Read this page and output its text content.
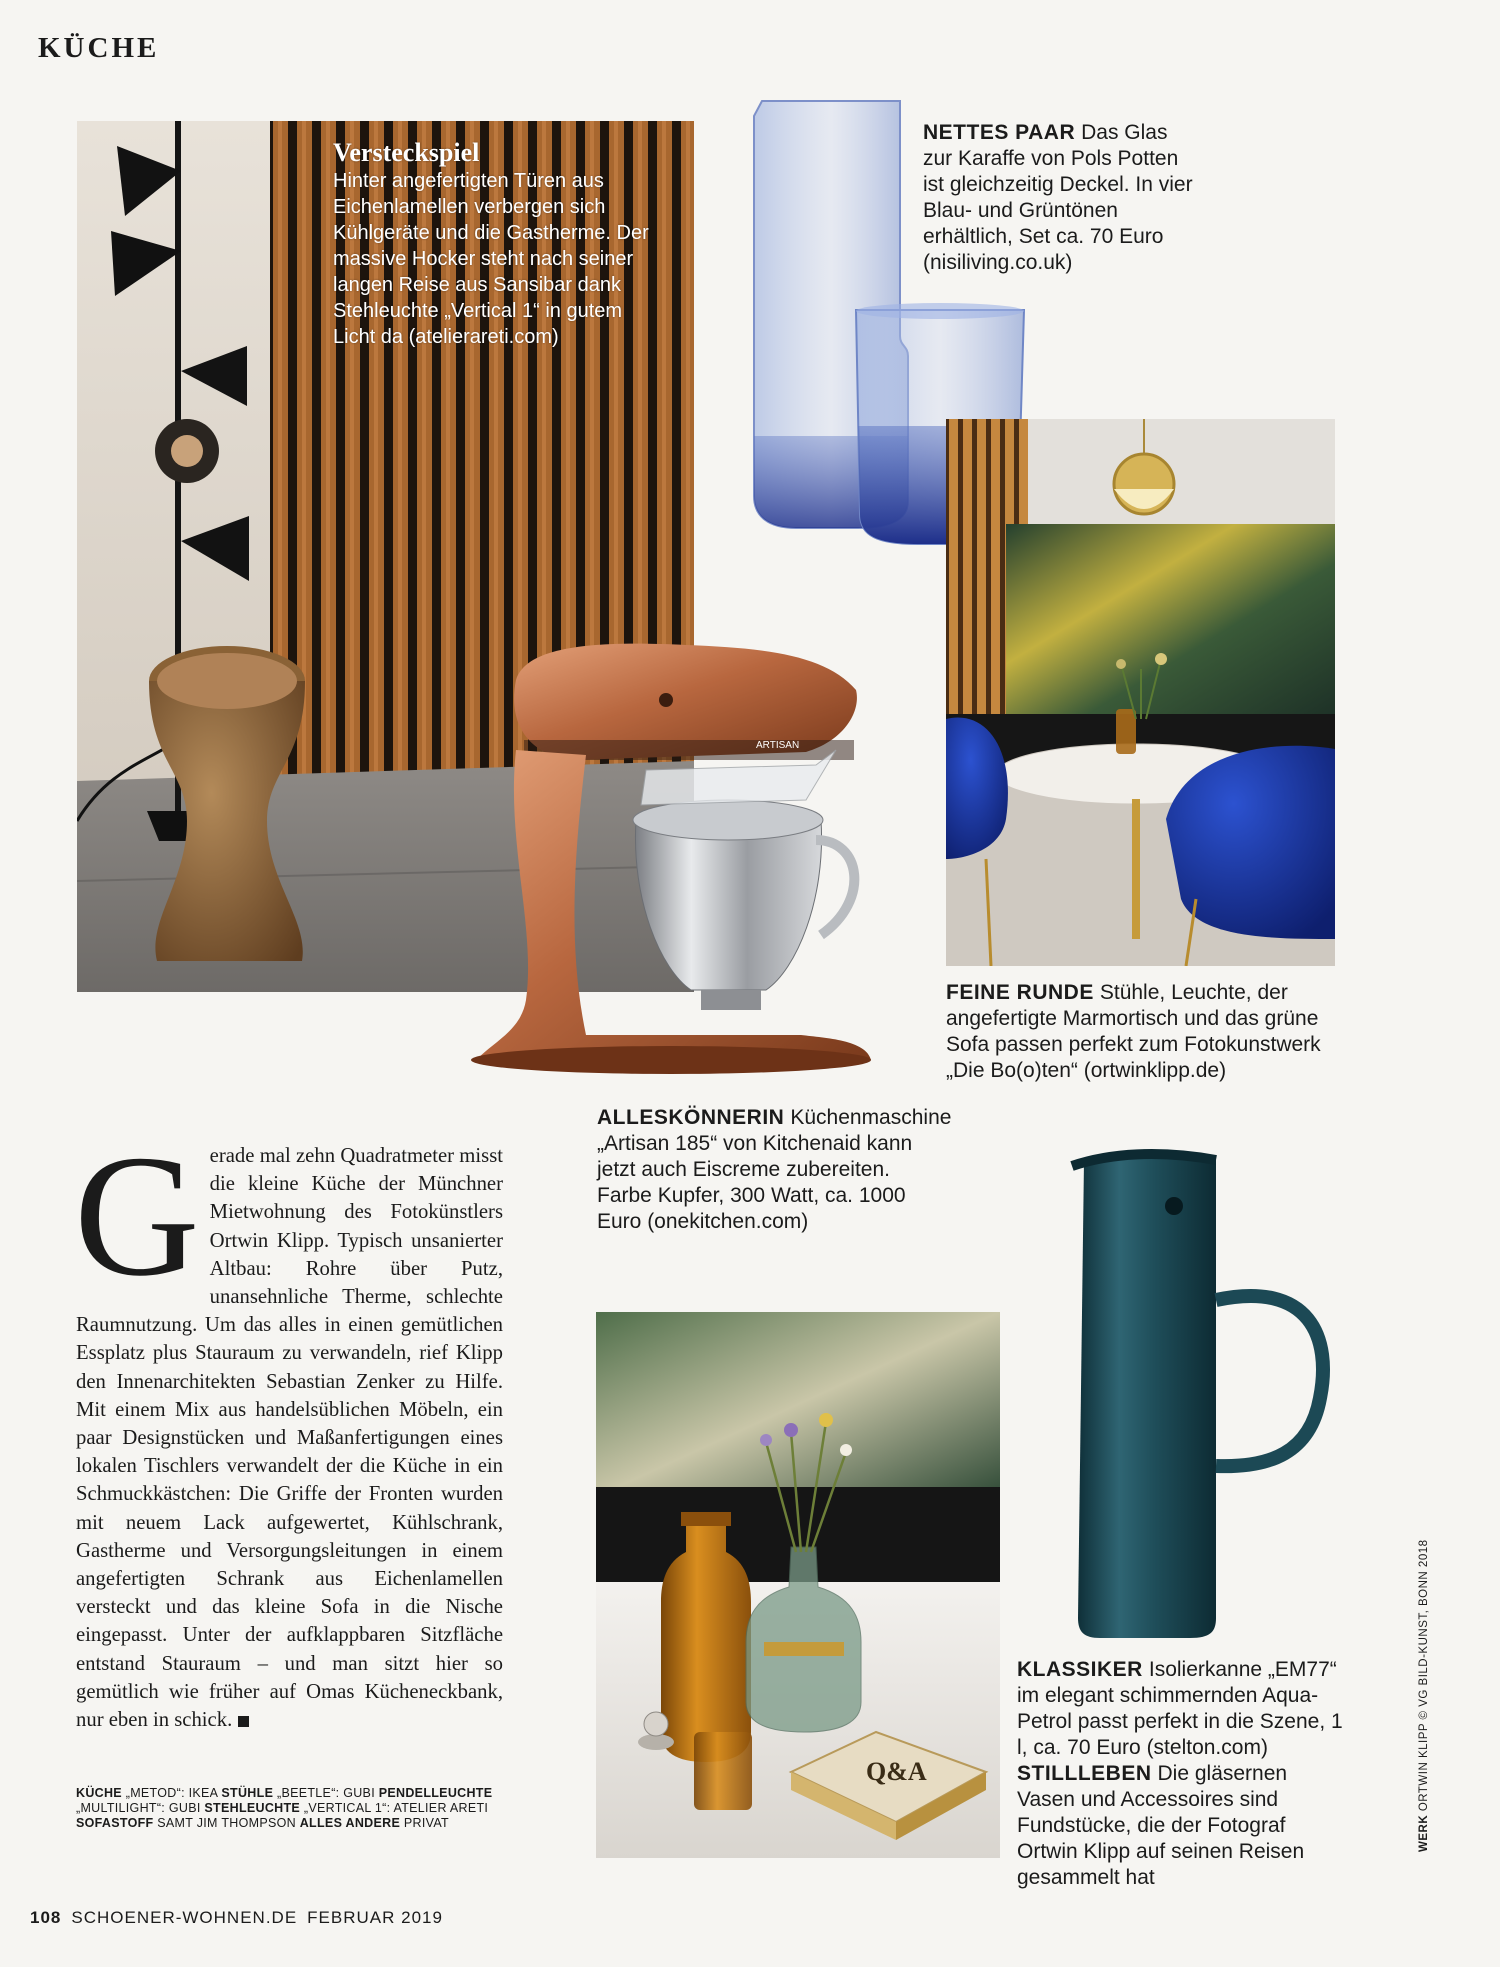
KÜCHE
Versteckspiel
Hinter angefertigten Türen aus Eichenlamellen verbergen sich Kühlgeräte und die Gastherme. Der massive Hocker steht nach seiner langen Reise aus Sansibar dank Stehleuchte „Vertical 1“ in gutem Licht da (atelierareti.com)
NETTES PAAR Das Glas zur Karaffe von Pols Potten ist gleichzeitig Deckel. In vier Blau- und Grüntönen erhältlich, Set ca. 70 Euro (nisiliving.co.uk)
FEINE RUNDE Stühle, Leuchte, der angefertigte Marmortisch und das grüne Sofa passen perfekt zum Fotokunstwerk „Die Bo(o)ten“ (ortwinklipp.de)
ARTISAN
ALLESKÖNNERIN Küchenmaschine „Artisan 185“ von Kitchenaid kann jetzt auch Eiscreme zubereiten. Farbe Kupfer, 300 Watt, ca. 1000 Euro (onekitchen.com)
Gerade mal zehn Quadratmeter misst die kleine Küche der Münchner Mietwohnung des Fotokünstlers Ortwin Klipp. Typisch unsanierter Altbau: Rohre über Putz, unansehnliche Therme, schlechte Raumnutzung. Um das alles in einen gemütlichen Essplatz plus Stauraum zu verwandeln, rief Klipp den Innenarchitekten Sebastian Zenker zu Hilfe. Mit einem Mix aus handelsüblichen Möbeln, ein paar Designstücken und Maßanfertigungen eines lokalen Tischlers verwandelt der die Küche in ein Schmuckkästchen: Die Griffe der Fronten wurden mit neuem Lack aufgewertet, Kühlschrank, Gastherme und Versorgungsleitungen in einem angefertigten Schrank aus Eichenlamellen versteckt und das kleine Sofa in die Nische eingepasst. Unter der aufklappbaren Sitzfläche entstand Stauraum – und man sitzt hier so gemütlich wie früher auf Omas Kücheneckbank, nur eben in schick.
KÜCHE „METOD“: IKEA STÜHLE „BEETLE“: GUBI PENDELLEUCHTE „MULTILIGHT“: GUBI STEHLEUCHTE „VERTICAL 1“: ATELIER ARETI SOFASTOFF SAMT JIM THOMPSON ALLES ANDERE PRIVAT
Q&A
KLASSIKER Isolierkanne „EM77“ im elegant schimmernden Aqua-Petrol passt perfekt in die Szene, 1 l, ca. 70 Euro (stelton.com)
STILLLEBEN Die gläsernen Vasen und Accessoires sind Fundstücke, die der Fotograf Ortwin Klipp auf seinen Reisen gesammelt hat
WERK ORTWIN KLIPP © VG BILD-KUNST, BONN 2018
108 SCHOENER-WOHNEN.DE FEBRUAR 2019
